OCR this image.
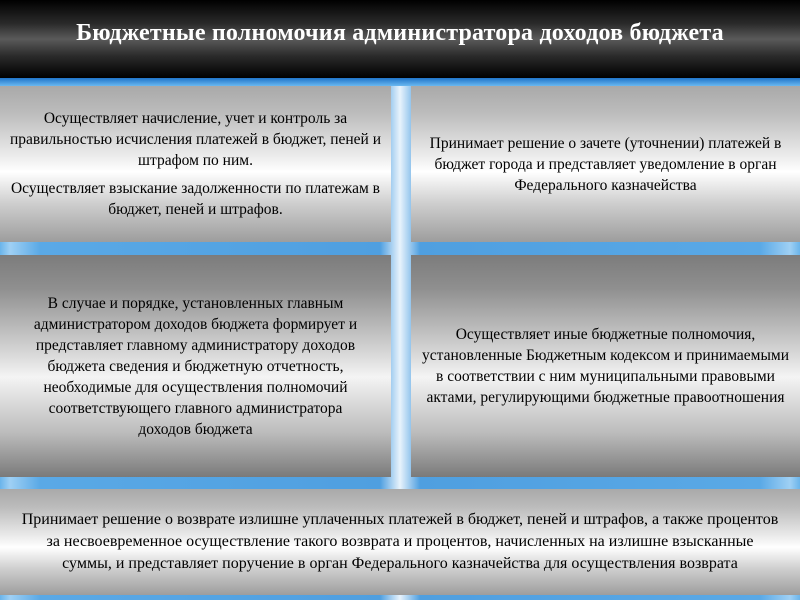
Бюджетные полномочия администратора доходов бюджета

Осуществляет начисление, учет и контроль за правильностью исчисления платежей в бюджет, пеней и штрафом по ним.

Осуществляет взыскание задолженности по платежам в бюджет, пеней и штрафов.

Принимает решение о зачете (уточнении) платежей в бюджет города и представляет уведомление в орган Федерального казначейства

В случае и порядке, установленных главным администратором доходов бюджета формирует и представляет главному администратору доходов бюджета сведения и бюджетную отчетность, необходимые для осуществления полномочий соответствующего главного администратора доходов бюджета

Осуществляет иные бюджетные полномочия, установленные Бюджетным кодексом и принимаемыми в соответствии с ним муниципальными правовыми актами, регулирующими бюджетные правоотношения

Принимает решение о возврате излишне уплаченных платежей в бюджет, пеней и штрафов, а также процентов за несвоевременное осуществление такого возврата и процентов, начисленных на излишне взысканные суммы, и представляет поручение в орган Федерального казначейства для осуществления возврата
